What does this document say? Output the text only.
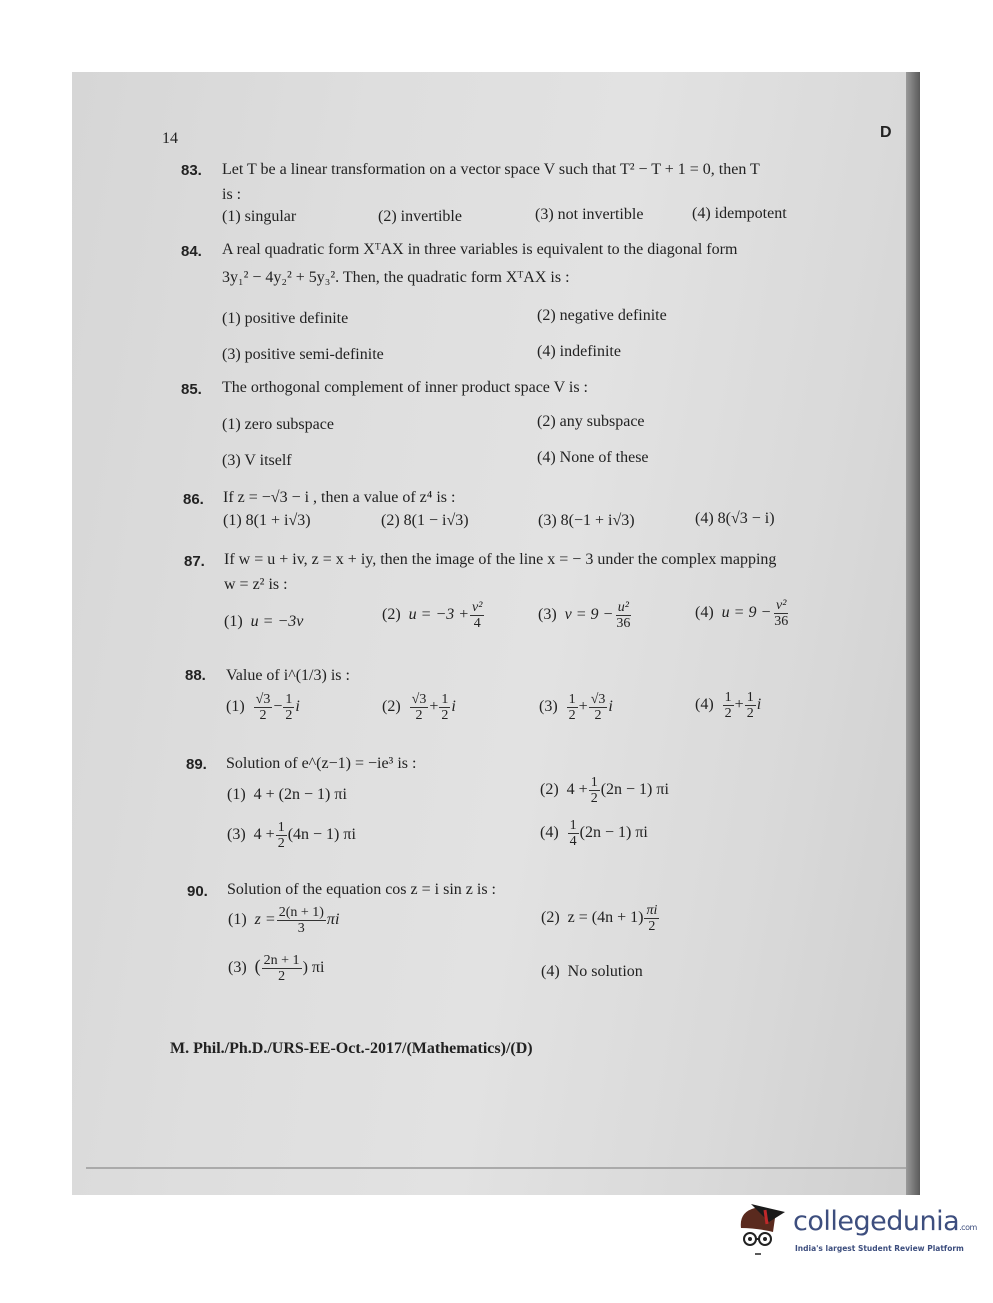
14	D
83. Let T be a linear transformation on a vector space V such that T² − T + 1 = 0, then T
is :
(1) singular	(2) invertible	(3) not invertible	(4) idempotent
84. A real quadratic form XᵀAX in three variables is equivalent to the diagonal form
3y₁² − 4y₂² + 5y₃². Then, the quadratic form XᵀAX is :
(1) positive definite	(2) negative definite
(3) positive semi-definite	(4) indefinite
85. The orthogonal complement of inner product space V is :
(1) zero subspace	(2) any subspace
(3) V itself	(4) None of these
86. If z = −√3 − i , then a value of z⁴ is :
(1) 8(1 + i√3)	(2) 8(1 − i√3)	(3) 8(−1 + i√3)	(4) 8(√3 − i)
87. If w = u + iv, z = x + iy, then the image of the line x = − 3 under the complex mapping
w = z² is :
(1) u = −3v	(2) $u = -3 + \frac{\text{v²}}{4}$	(3) $v = 9 - \frac{\text{u²}}{36}$	(4) $u = 9 - \frac{\text{v²}}{36}$
88. Value of i^(1/3) is :
$(1) \frac{√3}{2} - \frac{1}{2}$ i	$(2) \frac{√3}{2} + \frac{1}{2}$ i	$(3) \frac{1}{2} + \frac{√3}{2}$ i	$(4) \frac{1}{2} + \frac{1}{2}$ i
89. Solution of e^(z−1) = −ie³ is :
(1) 4 + (2n − 1) πi	(2) $4 + \frac{1}{2} (2n - 1)$ πi
(3) $4 + \frac{1}{2} (4n - 1)$ πi	$(4) \frac{1}{4} (2n - 1)$ πi
90. Solution of the equation cos z = i sin z is :
(1) $z = \frac{2(n + 1)}{3}$ πi	(2) $z = (4n + 1) \frac{\pi i}{2}$
(3) ( $\frac{2n + 1}{2}$ ) πi	(4) No solution
M. Phil./Ph.D./URS-EE-Oct.-2017/(Mathematics)/(D)
collegedunia.com
India's largest Student Review Platform
